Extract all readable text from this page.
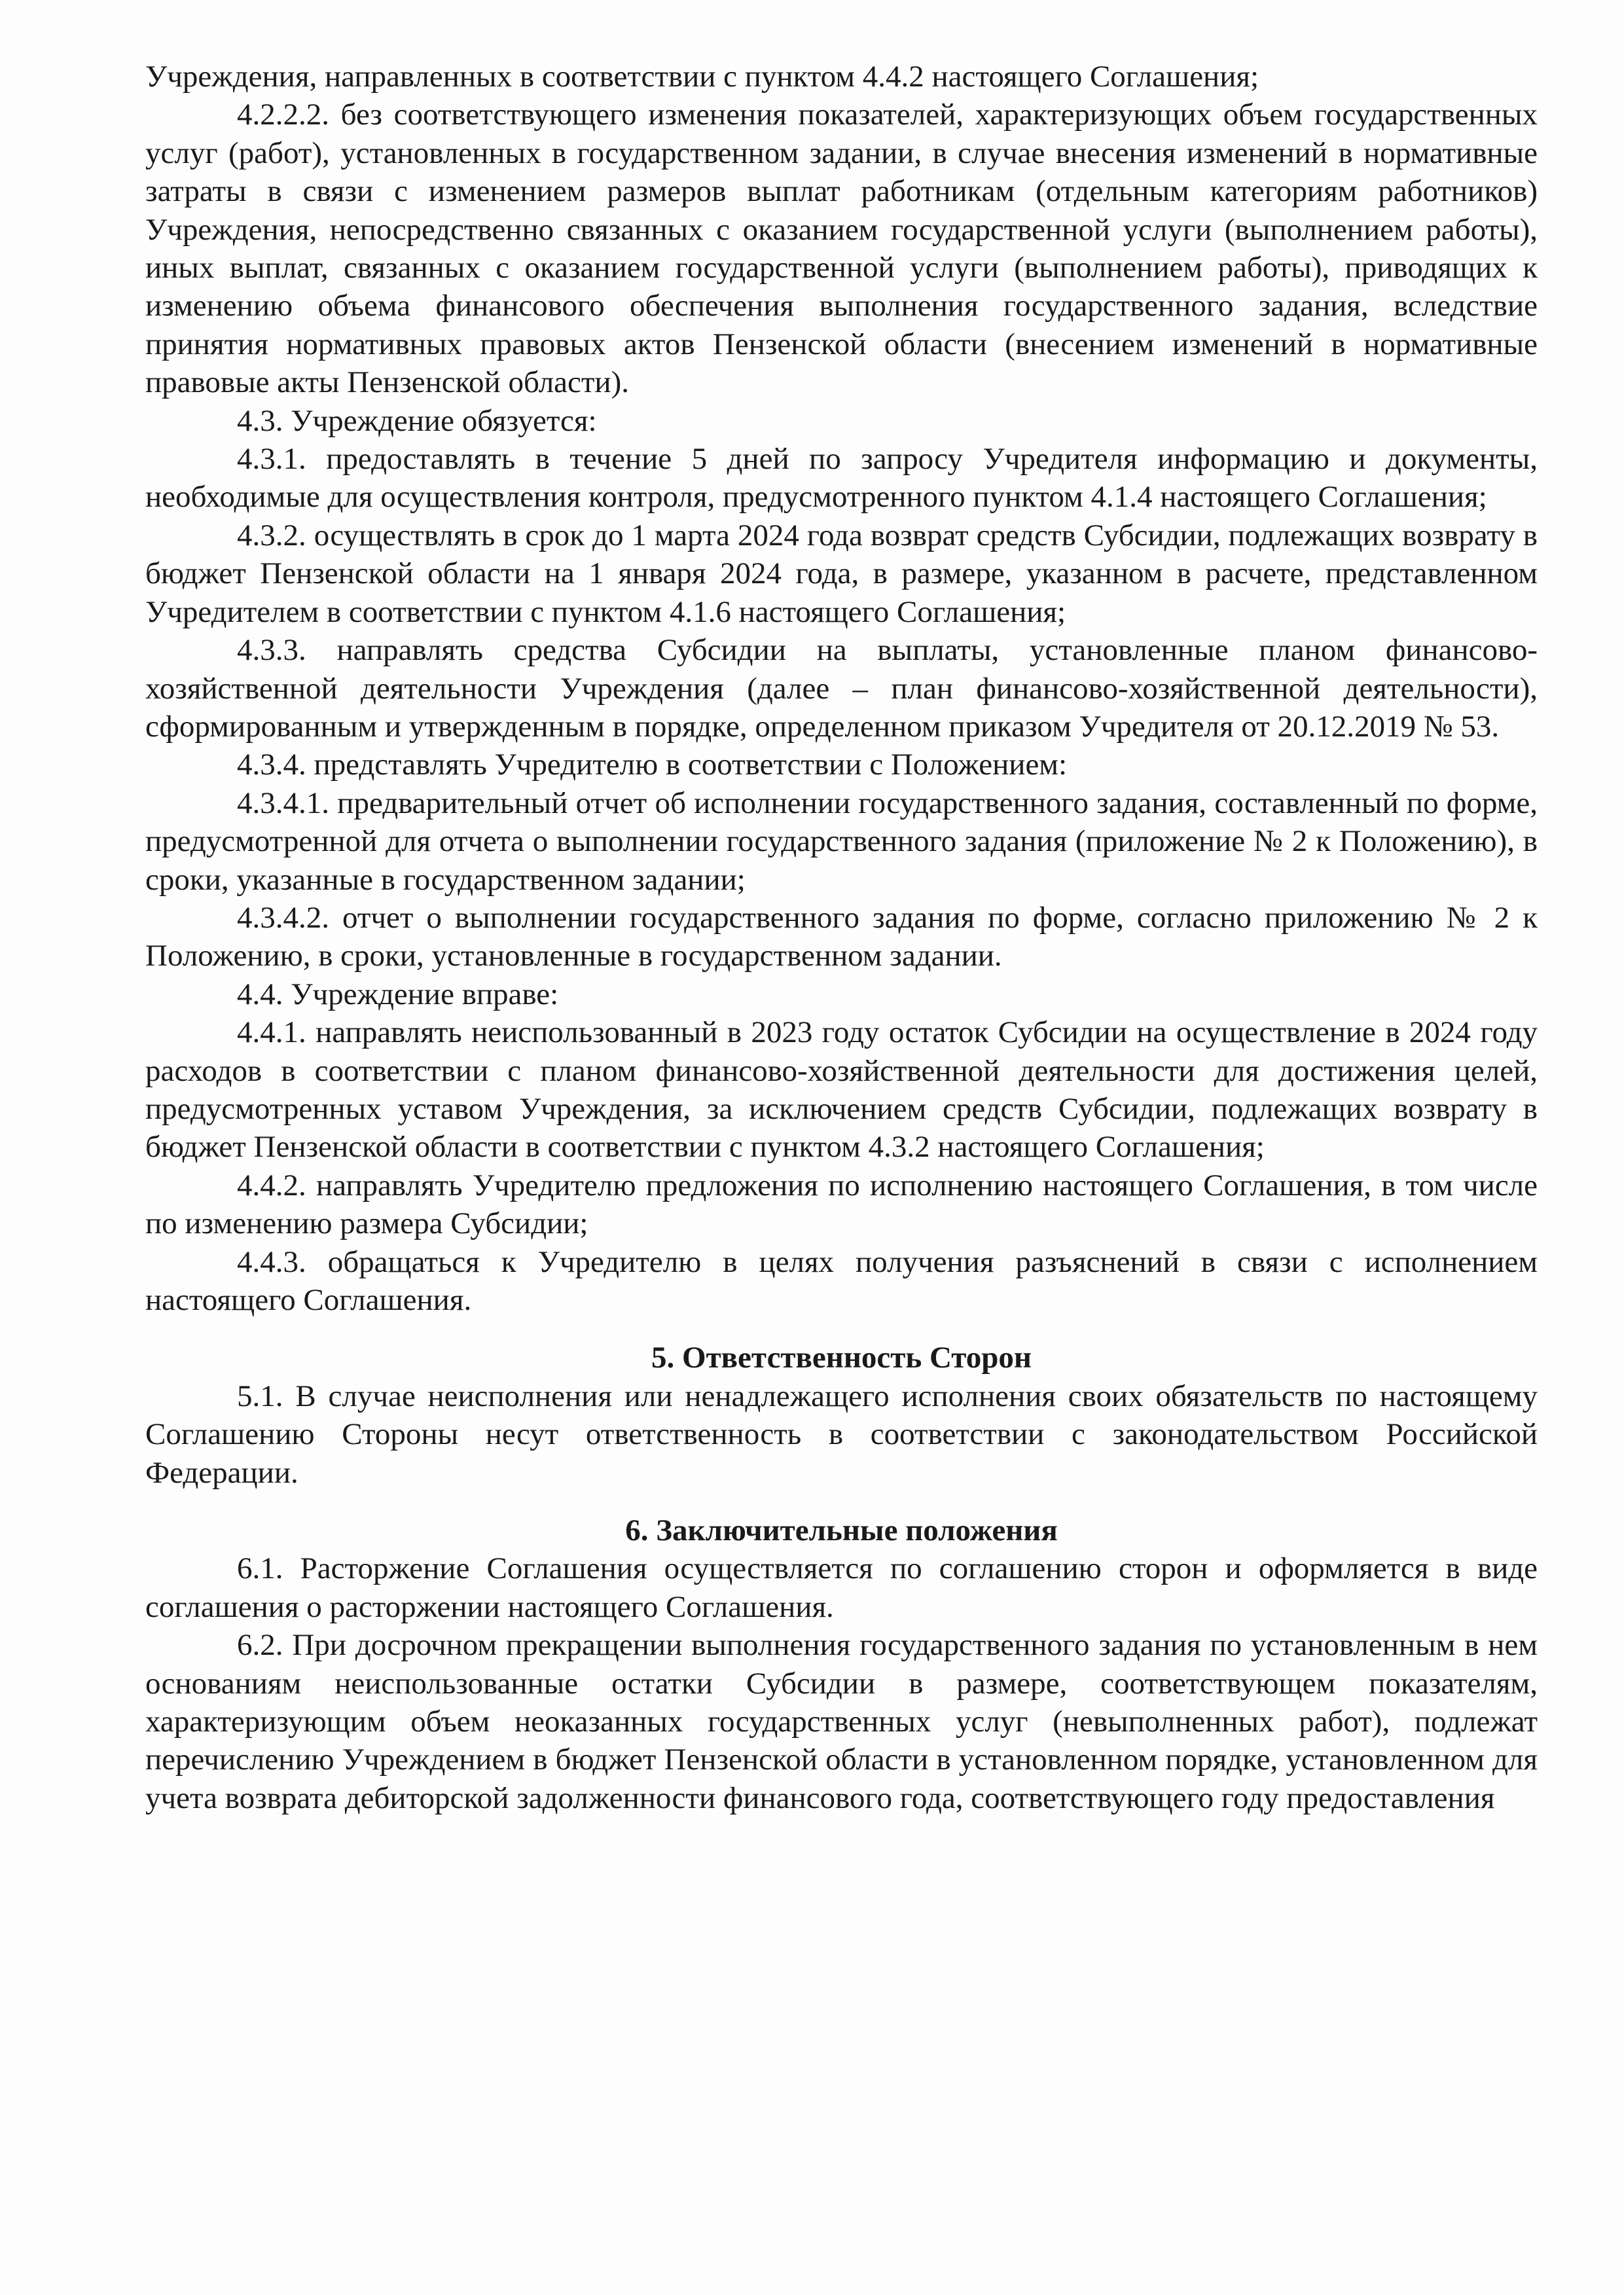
Учреждения, направленных в соответствии с пунктом 4.4.2 настоящего Соглашения;

4.2.2.2. без соответствующего изменения показателей, характеризующих объем государственных услуг (работ), установленных в государственном задании, в случае внесения изменений в нормативные затраты в связи с изменением размеров выплат работникам (отдельным категориям работников) Учреждения, непосредственно связанных с оказанием государственной услуги (выполнением работы), иных выплат, связанных с оказанием государственной услуги (выполнением работы), приводящих к изменению объема финансового обеспечения выполнения государственного задания, вследствие принятия нормативных правовых актов Пензенской области (внесением изменений в нормативные правовые акты Пензенской области).

4.3. Учреждение обязуется:

4.3.1. предоставлять в течение 5 дней по запросу Учредителя информацию и документы, необходимые для осуществления контроля, предусмотренного пунктом 4.1.4 настоящего Соглашения;

4.3.2. осуществлять в срок до 1 марта 2024 года возврат средств Субсидии, подлежащих возврату в бюджет Пензенской области на 1 января 2024 года, в размере, указанном в расчете, представленном Учредителем в соответствии с пунктом 4.1.6 настоящего Соглашения;

4.3.3. направлять средства Субсидии на выплаты, установленные планом финансово-хозяйственной деятельности Учреждения (далее – план финансово-хозяйственной деятельности), сформированным и утвержденным в порядке, определенном приказом Учредителя от 20.12.2019 № 53.

4.3.4. представлять Учредителю в соответствии с Положением:

4.3.4.1. предварительный отчет об исполнении государственного задания, составленный по форме, предусмотренной для отчета о выполнении государственного задания (приложение № 2 к Положению), в сроки, указанные в государственном задании;

4.3.4.2. отчет о выполнении государственного задания по форме, согласно приложению № 2 к Положению, в сроки, установленные в государственном задании.

4.4. Учреждение вправе:

4.4.1. направлять неиспользованный в 2023 году остаток Субсидии на осуществление в 2024 году расходов в соответствии с планом финансово-хозяйственной деятельности для достижения целей, предусмотренных уставом Учреждения, за исключением средств Субсидии, подлежащих возврату в бюджет Пензенской области в соответствии с пунктом 4.3.2 настоящего Соглашения;

4.4.2. направлять Учредителю предложения по исполнению настоящего Соглашения, в том числе по изменению размера Субсидии;

4.4.3. обращаться к Учредителю в целях получения разъяснений в связи с исполнением настоящего Соглашения.

5. Ответственность Сторон

5.1. В случае неисполнения или ненадлежащего исполнения своих обязательств по настоящему Соглашению Стороны несут ответственность в соответствии с законодательством Российской Федерации.

6. Заключительные положения

6.1. Расторжение Соглашения осуществляется по соглашению сторон и оформляется в виде соглашения о расторжении настоящего Соглашения.

6.2. При досрочном прекращении выполнения государственного задания по установленным в нем основаниям неиспользованные остатки Субсидии в размере, соответствующем показателям, характеризующим объем неоказанных государственных услуг (невыполненных работ), подлежат перечислению Учреждением в бюджет Пензенской области в установленном порядке, установленном для учета возврата дебиторской задолженности финансового года, соответствующего году предоставления
